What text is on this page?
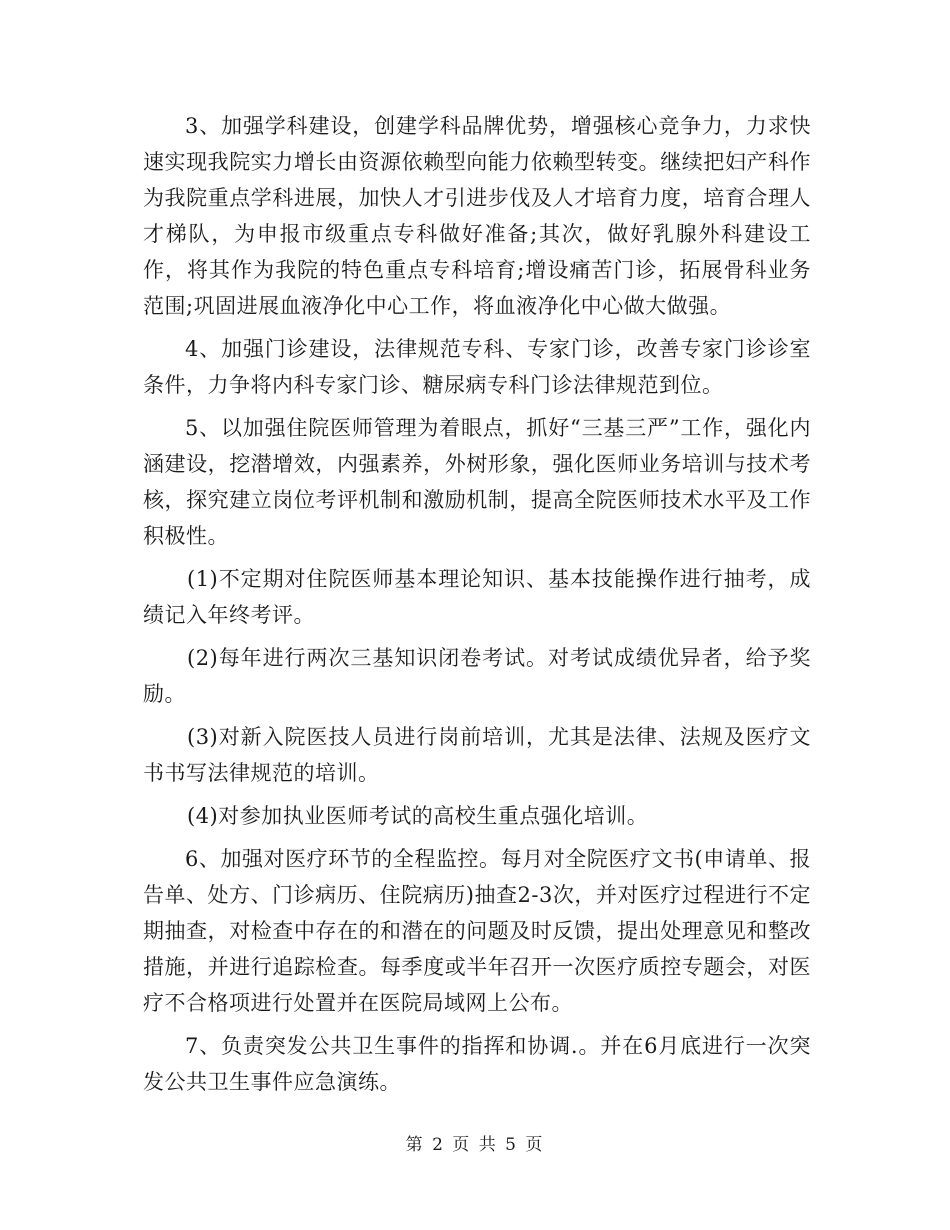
3、加强学科建设，创建学科品牌优势，增强核心竞争力，力求快速实现我院实力增长由资源依赖型向能力依赖型转变。继续把妇产科作为我院重点学科进展，加快人才引进步伐及人才培育力度，培育合理人才梯队，为申报市级重点专科做好准备;其次，做好乳腺外科建设工作，将其作为我院的特色重点专科培育;增设痛苦门诊，拓展骨科业务范围;巩固进展血液净化中心工作，将血液净化中心做大做强。

4、加强门诊建设，法律规范专科、专家门诊，改善专家门诊诊室条件，力争将内科专家门诊、糖尿病专科门诊法律规范到位。

5、以加强住院医师管理为着眼点，抓好“三基三严”工作，强化内涵建设，挖潜增效，内强素养，外树形象，强化医师业务培训与技术考核，探究建立岗位考评机制和激励机制，提高全院医师技术水平及工作积极性。

(1)不定期对住院医师基本理论知识、基本技能操作进行抽考，成绩记入年终考评。

(2)每年进行两次三基知识闭卷考试。对考试成绩优异者，给予奖励。

(3)对新入院医技人员进行岗前培训，尤其是法律、法规及医疗文书书写法律规范的培训。

(4)对参加执业医师考试的高校生重点强化培训。

6、加强对医疗环节的全程监控。每月对全院医疗文书(申请单、报告单、处方、门诊病历、住院病历)抽查2-3次，并对医疗过程进行不定期抽查，对检查中存在的和潜在的问题及时反馈，提出处理意见和整改措施，并进行追踪检查。每季度或半年召开一次医疗质控专题会，对医疗不合格项进行处置并在医院局域网上公布。

7、负责突发公共卫生事件的指挥和协调.。并在6月底进行一次突发公共卫生事件应急演练。

第 2 页 共 5 页
